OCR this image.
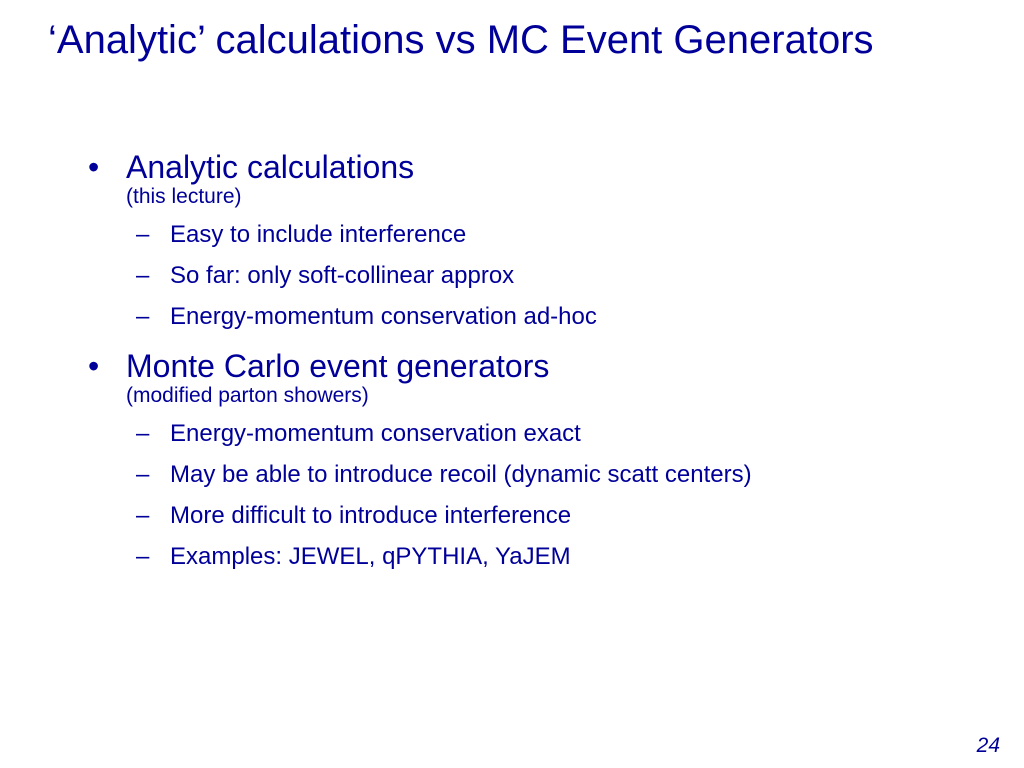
‘Analytic’ calculations vs MC Event Generators
• Analytic calculations
(this lecture)
– Easy to include interference
– So far: only soft-collinear approx
– Energy-momentum conservation ad-hoc
• Monte Carlo event generators
(modified parton showers)
– Energy-momentum conservation exact
– May be able to introduce recoil (dynamic scatt centers)
– More difficult to introduce interference
– Examples: JEWEL, qPYTHIA, YaJEM
24
